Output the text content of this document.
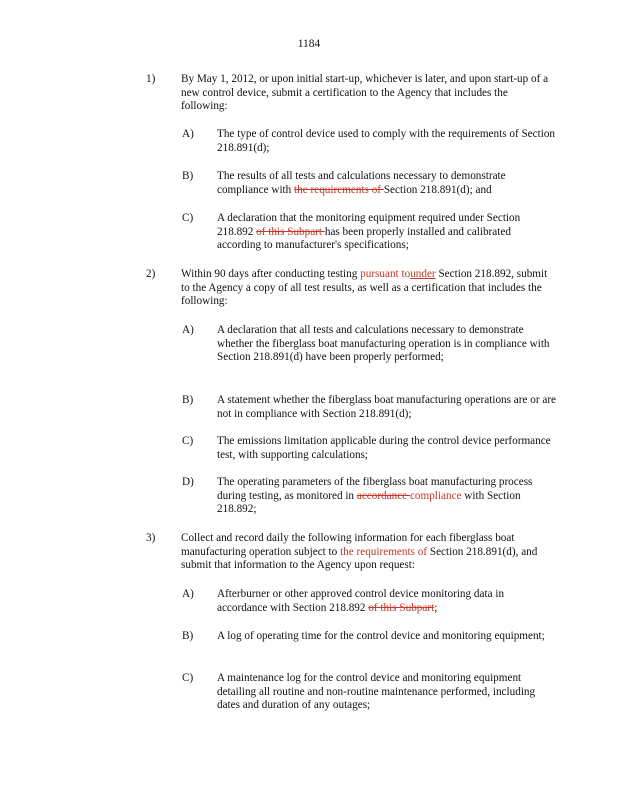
1184
1) By May 1, 2012, or upon initial start-up, whichever is later, and upon start-up of a new control device, submit a certification to the Agency that includes the following:
A) The type of control device used to comply with the requirements of Section 218.891(d);
B) The results of all tests and calculations necessary to demonstrate compliance with the requirements of Section 218.891(d); and
C) A declaration that the monitoring equipment required under Section 218.892 of this Subpart has been properly installed and calibrated according to manufacturer's specifications;
2) Within 90 days after conducting testing pursuant tounder Section 218.892, submit to the Agency a copy of all test results, as well as a certification that includes the following:
A) A declaration that all tests and calculations necessary to demonstrate whether the fiberglass boat manufacturing operation is in compliance with Section 218.891(d) have been properly performed;
B) A statement whether the fiberglass boat manufacturing operations are or are not in compliance with Section 218.891(d);
C) The emissions limitation applicable during the control device performance test, with supporting calculations;
D) The operating parameters of the fiberglass boat manufacturing process during testing, as monitored in accordance compliance with Section 218.892;
3) Collect and record daily the following information for each fiberglass boat manufacturing operation subject to the requirements of Section 218.891(d), and submit that information to the Agency upon request:
A) Afterburner or other approved control device monitoring data in accordance with Section 218.892 of this Subpart;
B) A log of operating time for the control device and monitoring equipment;
C) A maintenance log for the control device and monitoring equipment detailing all routine and non-routine maintenance performed, including dates and duration of any outages;
